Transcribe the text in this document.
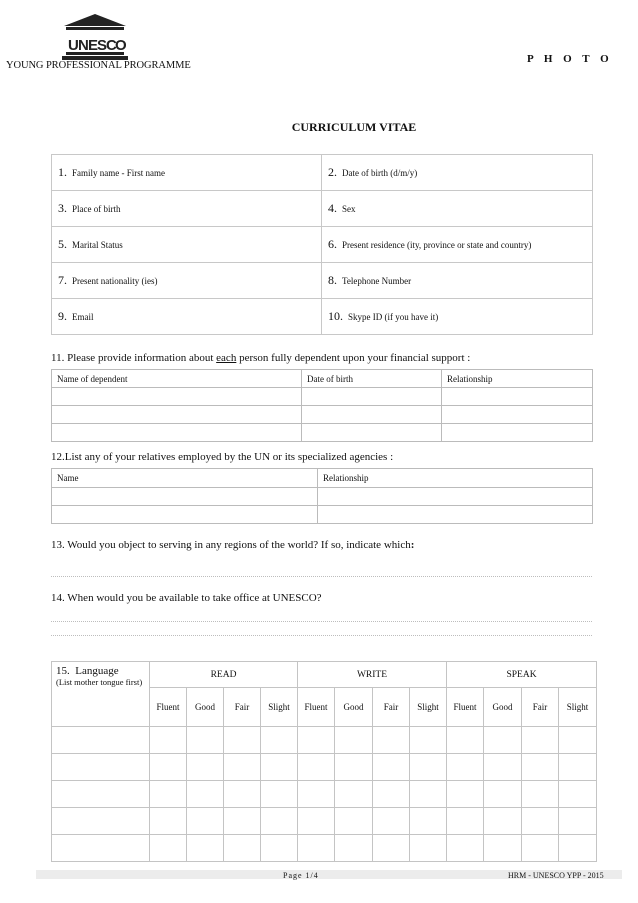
U N E
S
C
O
YOUNG PROFESSIONAL PROGRAMME
P H O T O
CURRICULUM VITAE
1. Family name - First name	2. Date of birth (d/m/y)
3. Place of birth	4. Sex
5. Marital Status	6. Present residence (ity, province or state and country)
7. Present nationality (ies)	8. Telephone Number
9. Email	10. Skype ID (if you have it)
11. Please provide information about each person fully dependent upon your financial support :
Name of dependent	Date of birth	Relationship

12.List any of your relatives employed by the UN or its specialized agencies :
Name	Relationship

13. Would you object to serving in any regions of the world? If so, indicate which:
14. When would you be available to take office at UNESCO?
15. Language
(List mother tongue first)	READ				WRITE				SPEAK			
	Fluent	Good	Fair	Slight	Fluent	Good	Fair	Slight	Fluent	Good	Fair	Slight

Page 1/4	HRM - UNESCO YPP - 2015
